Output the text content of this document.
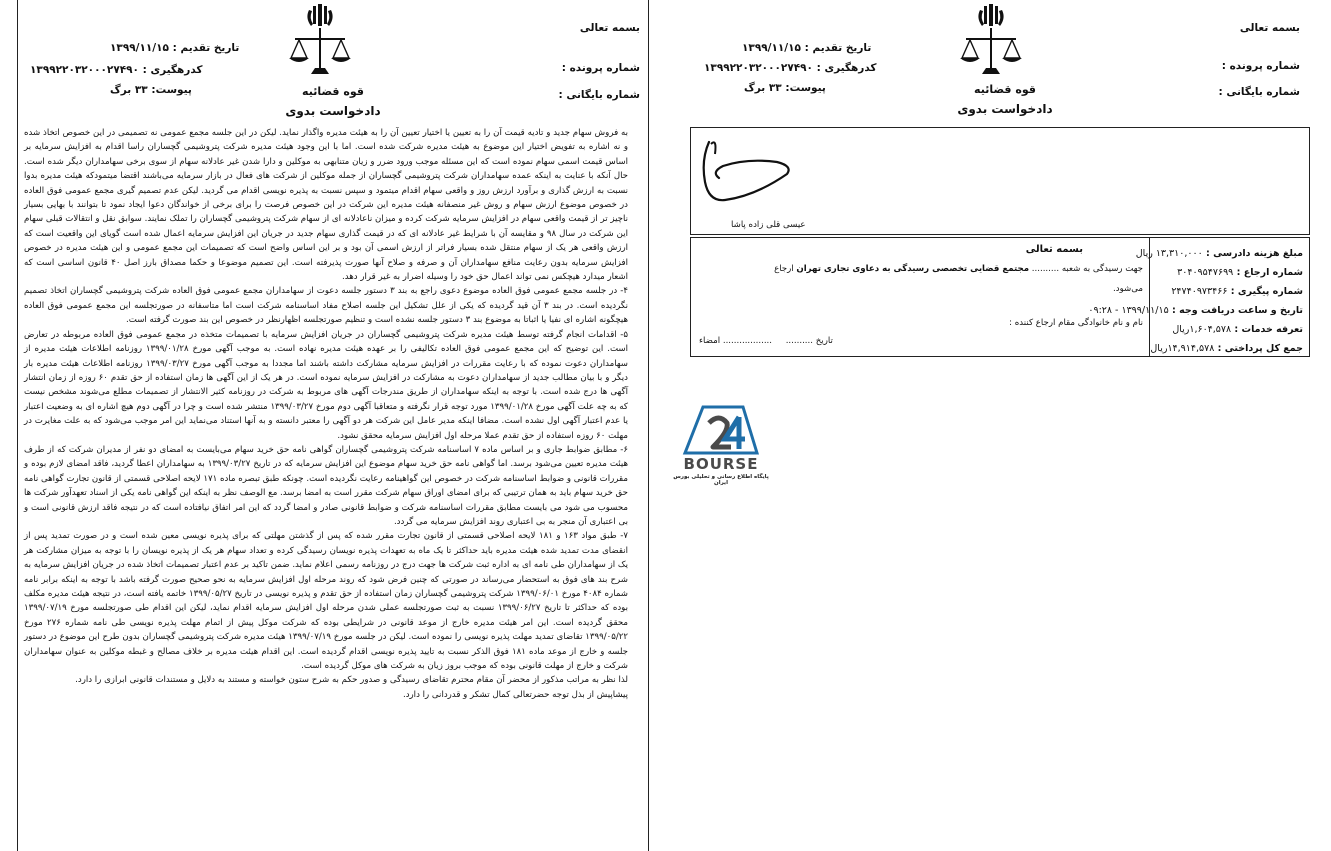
بسمه تعالی
شماره پرونده :
شماره بایگانی :
قوه قضائیه
دادخواست بدوی
تاریخ تقدیم : ۱۳۹۹/۱۱/۱۵
کدرهگیری : ۱۳۹۹۲۲۰۳۲۰۰۰۲۷۴۹۰
پیوست: ۳۳ برگ

به فروش سهام جدید و تادیه قیمت آن را به تعیین یا اختیار تعیین آن را به هیئت مدیره واگذار نماید. لیکن در این جلسه مجمع عمومی نه تصمیمی در این خصوص اتخاذ شده و نه اشاره به تفویض اختیار این موضوع به هیئت مدیره شرکت شده است. اما با این وجود هیئت مدیره شرکت پتروشیمی گچساران راسا اقدام به افزایش سرمایه بر اساس قیمت اسمی سهام نموده است که این مسئله موجب ورود ضرر و زیان متنابهی به موکلین و دارا شدن غیر عادلانه سهام از سوی برخی سهامداران دیگر شده است. حال آنکه با عنایت به اینکه عمده سهامداران شرکت پتروشیمی گچساران از جمله موکلین از شرکت های فعال در بازار سرمایه می‌باشند اقتضا میتمودکه هیئت مدیره بدوا نسبت به ارزش گذاری و برآورد ارزش روز و واقعی سهام اقدام میتمود و سپس نسبت به پذیره نویسی اقدام می گردید. لیکن عدم تصمیم گیری مجمع عمومی فوق العاده در خصوص موضوع ارزش سهام و روش غیر منصفانه هیئت مدیره این شرکت در این خصوص فرصت را برای برخی از خواندگان دعوا ایجاد نمود تا بتوانند با بهایی بسیار ناچیز تر از قیمت واقعی سهام در افزایش سرمایه شرکت کرده و میزان ناعادلانه ای از سهام شرکت پتروشیمی گچساران را تملک نمایند. سوابق نقل و انتقالات قبلی سهام این شرکت در سال ۹۸ و مقایسه آن با شرایط غیر عادلانه ای که در قیمت گذاری سهام جدید در جریان این افزایش سرمایه اعمال شده است گویای این واقعیت است که ارزش واقعی هر یک از سهام منتقل شده بسیار فراتر از ارزش اسمی آن بود و بر این اساس واضح است که تصمیمات این مجمع عمومی و این هیئت مدیره در خصوص افزایش سرمایه بدون رعایت منافع سهامداران آن و صرفه و صلاح آنها صورت پذیرفته است. این تصمیم موضوعا و حکما مصداق بارز اصل ۴۰ قانون اساسی است که اشعار میدارد هیچکس نمی تواند اعمال حق خود را وسیله اضرار به غیر قرار دهد.

۴- در جلسه مجمع عمومی فوق العاده موضوع دعوی راجع به بند ۳ دستور جلسه دعوت از سهامداران مجمع عمومی فوق العاده شرکت پتروشیمی گچساران اتخاذ تصمیم نگردیده است. در بند ۳ آن قید گردیده که یکی از علل تشکیل این جلسه اصلاح مفاد اساسنامه شرکت است اما متاسفانه در صورتجلسه این مجمع عمومی فوق العاده هیچگونه اشاره ای نفیا یا اثباتا به موضوع بند ۳ دستور جلسه نشده است و تنظیم صورتجلسه اظهارنظر در خصوص این بند صورت گرفته است.

۵- اقدامات انجام گرفته توسط هیئت مدیره شرکت پتروشیمی گچساران در جریان افزایش سرمایه با تصمیمات متخذه در مجمع عمومی فوق العاده مربوطه در تعارض است. این توضیح که این مجمع عمومی فوق العاده تکالیفی را بر عهده هیئت مدیره نهاده است. به موجب آگهی مورخ ۱۳۹۹/۰۱/۲۸ روزنامه اطلاعات هیئت مدیره از سهامداران دعوت نموده که با رعایت مقررات در افزایش سرمایه مشارکت داشته باشند اما مجددا به موجب آگهی مورخ ۱۳۹۹/۰۳/۲۷ روزنامه اطلاعات هیئت مدیره بار دیگر و با بیان مطالب جدید از سهامداران دعوت به مشارکت در افزایش سرمایه نموده است. در هر یک از این آگهی ها زمان استفاده از حق تقدم ۶۰ روزه از زمان انتشار آگهی ها درج شده است. با توجه به اینکه سهامداران از طریق مندرجات آگهی های مربوط به شرکت در روزنامه کثیر الانتشار از تصمیمات مطلع می‌شوند مشخص نیست که به چه علت آگهی مورخ ۱۳۹۹/۰۱/۲۸ مورد توجه قرار نگرفته و متعاقبا آگهی دوم مورخ ۱۳۹۹/۰۳/۲۷ منتشر شده است و چرا در آگهی دوم هیچ اشاره ای به وضعیت اعتبار یا عدم اعتبار آگهی اول نشده است. مضافا اینکه مدیر عامل این شرکت هر دو آگهی را معتبر دانسته و به آنها استناد می‌نماید این امر موجب می‌شود که به علت مغایرت در مهلت ۶۰ روزه استفاده از حق تقدم عملا مرحله اول افزایش سرمایه محقق نشود.

۶- مطابق ضوابط جاری و بر اساس ماده ۷ اساسنامه شرکت پتروشیمی گچساران گواهی نامه حق خرید سهام می‌بایست به امضای دو نفر از مدیران شرکت که از طرف هیئت مدیره تعیین می‌شود برسد. اما گواهی نامه حق خرید سهام موضوع این افزایش سرمایه که در تاریخ ۱۳۹۹/۰۳/۲۷ به سهامداران اعطا گردید، فاقد امضای لازم بوده و مقررات قانونی و ضوابط اساسنامه شرکت در خصوص این گواهینامه رعایت نگردیده است. چونکه طبق تبصره ماده ۱۷۱ لایحه اصلاحی قسمتی از قانون تجارت گواهی نامه حق خرید سهام باید به همان ترتیبی که برای امضای اوراق سهام شرکت مقرر است به امضا برسد. مع الوصف نظر به اینکه این گواهی نامه یکی از اسناد تعهدآور شرکت ها محسوب می شود می بایست مطابق مقررات اساسنامه شرکت و ضوابط قانونی صادر و امضا گردد که این امر اتفاق نیافتاده است که در نتیجه فاقد ارزش قانونی است و بی اعتباری آن منجر به بی اعتباری روند افزایش سرمایه می گردد.

۷- طبق مواد ۱۶۳ و ۱۸۱ لایحه اصلاحی قسمتی از قانون تجارت مقرر شده که پس از گذشتن مهلتی که برای پذیره نویسی معین شده است و در صورت تمدید پس از انقضای مدت تمدید شده هیئت مدیره باید حداکثر تا یک ماه به تعهدات پذیره نویسان رسیدگی کرده و تعداد سهام هر یک از پذیره نویسان را با توجه به میزان مشارکت هر یک از سهامداران طی نامه ای به اداره ثبت شرکت ها جهت درج در روزنامه رسمی اعلام نماید. ضمن تاکید بر عدم اعتبار تصمیمات اتخاذ شده در جریان افزایش سرمایه به شرح بند های فوق به استحضار می‌رساند در صورتی که چنین فرض شود که روند مرحله اول افزایش سرمایه به نحو صحیح صورت گرفته باشد با توجه به اینکه برابر نامه شماره ۴۰۸۴ مورخ ۱۳۹۹/۰۶/۰۱ شرکت پتروشیمی گچساران زمان استفاده از حق تقدم و پذیره نویسی در تاریخ ۱۳۹۹/۰۵/۲۷ خاتمه یافته است، در نتیجه هیئت مدیره مکلف بوده که حداکثر تا تاریخ ۱۳۹۹/۰۶/۲۷ نسبت به ثبت صورتجلسه عملی شدن مرحله اول افزایش سرمایه اقدام نماید، لیکن این اقدام طی صورتجلسه مورخ ۱۳۹۹/۰۷/۱۹ محقق گردیده است. این امر هیئت مدیره خارج از موعد قانونی در شرایطی بوده که شرکت موکل پیش از اتمام مهلت پذیره نویسی طی نامه شماره ۲۷۶ مورخ ۱۳۹۹/۰۵/۲۲ تقاضای تمدید مهلت پذیره نویسی را نموده است. لیکن در جلسه مورخ ۱۳۹۹/۰۷/۱۹ هیئت مدیره شرکت پتروشیمی گچساران بدون طرح این موضوع در دستور جلسه و خارج از موعد ماده ۱۸۱ فوق الذکر نسبت به تایید پذیره نویسی اقدام گردیده است. این اقدام هیئت مدیره بر خلاف مصالح و غبطه موکلین به عنوان سهامداران شرکت و خارج از مهلت قانونی بوده که موجب بروز زیان به شرکت های موکل گردیده است.

لذا نظر به مراتب مذکور از محضر آن مقام محترم تقاضای رسیدگی و صدور حکم به شرح ستون خواسته و مستند به دلایل و مستندات قانونی ابرازی را دارد.

پیشاپیش از بذل توجه حضرتعالی کمال تشکر و قدردانی را دارد.

بسمه تعالی
شماره پرونده :
شماره بایگانی :
قوه قضائیه
دادخواست بدوی
تاریخ تقدیم : ۱۳۹۹/۱۱/۱۵
کدرهگیری : ۱۳۹۹۲۲۰۳۲۰۰۰۲۷۴۹۰
پیوست: ۳۳ برگ
عیسی قلی زاده پاشا
مبلغ هزینه دادرسی : ۱۳,۳۱۰,۰۰۰ ریال
شماره ارجاع : ۳۰۴۰۹۵۴۷۶۹۹
شماره پیگیری : ۲۴۷۴۰۹۷۳۴۶۶
تاریخ و ساعت دریافت وجه : ۱۳۹۹/۱۱/۱۵ - ۰۹:۲۸
تعرفه خدمات : ۱,۶۰۴,۵۷۸ریال
جمع کل پرداختی : ۱۴,۹۱۴,۵۷۸ریال
بسمه تعالی
جهت رسیدگی به شعبه .......... مجتمع قضایی تخصصی رسیدگی به دعاوی تجاری تهران ارجاع
می‌شود.
نام و نام خانوادگی مقام ارجاع کننده :
تاریخ ..........     .................. امضاء
BOURSE
پایگاه اطلاع رسانی و تحلیلی بورس ایران
